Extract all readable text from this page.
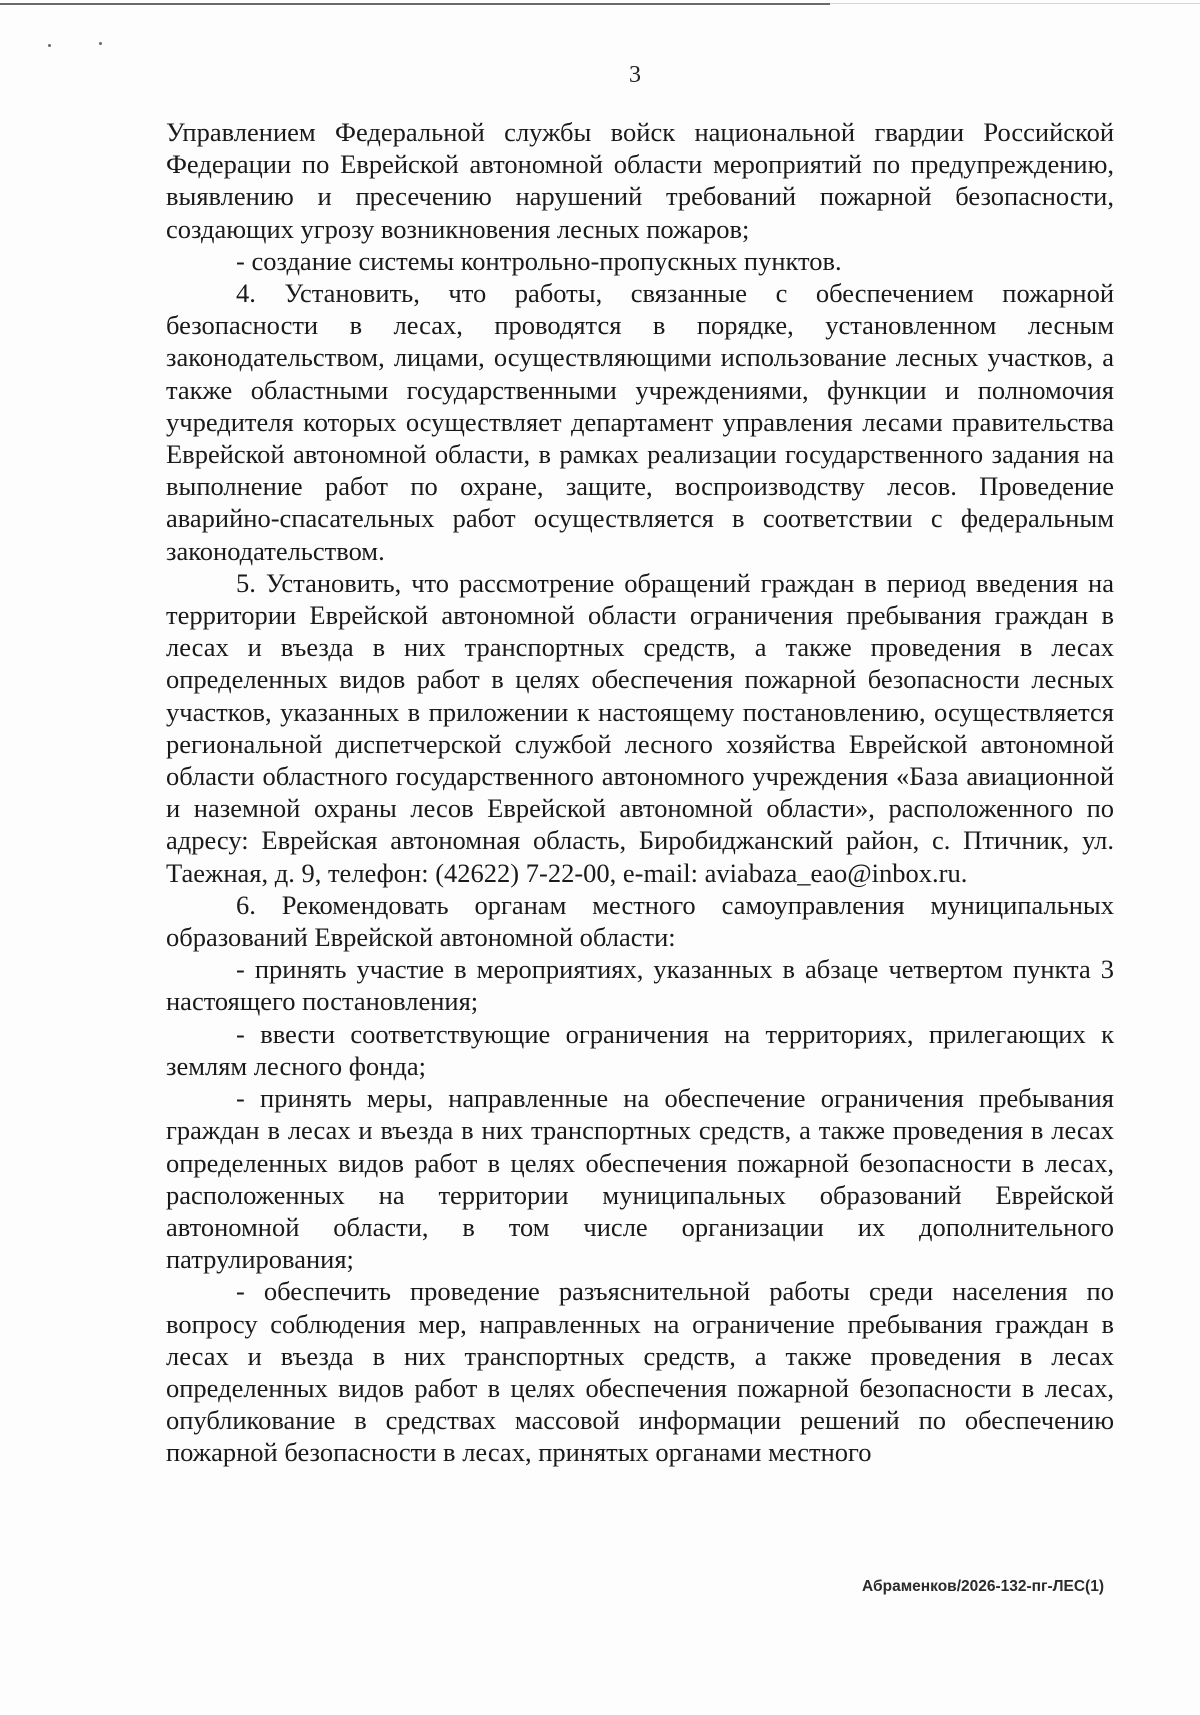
3

Управлением Федеральной службы войск национальной гвардии Российской Федерации по Еврейской автономной области мероприятий по предупреждению, выявлению и пресечению нарушений требований пожарной безопасности, создающих угрозу возникновения лесных пожаров;

- создание системы контрольно-пропускных пунктов.

4. Установить, что работы, связанные с обеспечением пожарной безопасности в лесах, проводятся в порядке, установленном лесным законодательством, лицами, осуществляющими использование лесных участков, а также областными государственными учреждениями, функции и полномочия учредителя которых осуществляет департамент управления лесами правительства Еврейской автономной области, в рамках реализации государственного задания на выполнение работ по охране, защите, воспроизводству лесов. Проведение аварийно-спасательных работ осуществляется в соответствии с федеральным законодательством.

5. Установить, что рассмотрение обращений граждан в период введения на территории Еврейской автономной области ограничения пребывания граждан в лесах и въезда в них транспортных средств, а также проведения в лесах определенных видов работ в целях обеспечения пожарной безопасности лесных участков, указанных в приложении к настоящему постановлению, осуществляется региональной диспетчерской службой лесного хозяйства Еврейской автономной области областного государственного автономного учреждения «База авиационной и наземной охраны лесов Еврейской автономной области», расположенного по адресу: Еврейская автономная область, Биробиджанский район, с. Птичник, ул. Таежная, д. 9, телефон: (42622) 7-22-00, e-mail: aviabaza_eao@inbox.ru.

6. Рекомендовать органам местного самоуправления муниципальных образований Еврейской автономной области:

- принять участие в мероприятиях, указанных в абзаце четвертом пункта 3 настоящего постановления;

- ввести соответствующие ограничения на территориях, прилегающих к землям лесного фонда;

- принять меры, направленные на обеспечение ограничения пребывания граждан в лесах и въезда в них транспортных средств, а также проведения в лесах определенных видов работ в целях обеспечения пожарной безопасности в лесах, расположенных на территории муниципальных образований Еврейской автономной области, в том числе организации их дополнительного патрулирования;

- обеспечить проведение разъяснительной работы среди населения по вопросу соблюдения мер, направленных на ограничение пребывания граждан в лесах и въезда в них транспортных средств, а также проведения в лесах определенных видов работ в целях обеспечения пожарной безопасности в лесах, опубликование в средствах массовой информации решений по обеспечению пожарной безопасности в лесах, принятых органами местного

Абраменков/2026-132-пг-ЛЕС(1)
